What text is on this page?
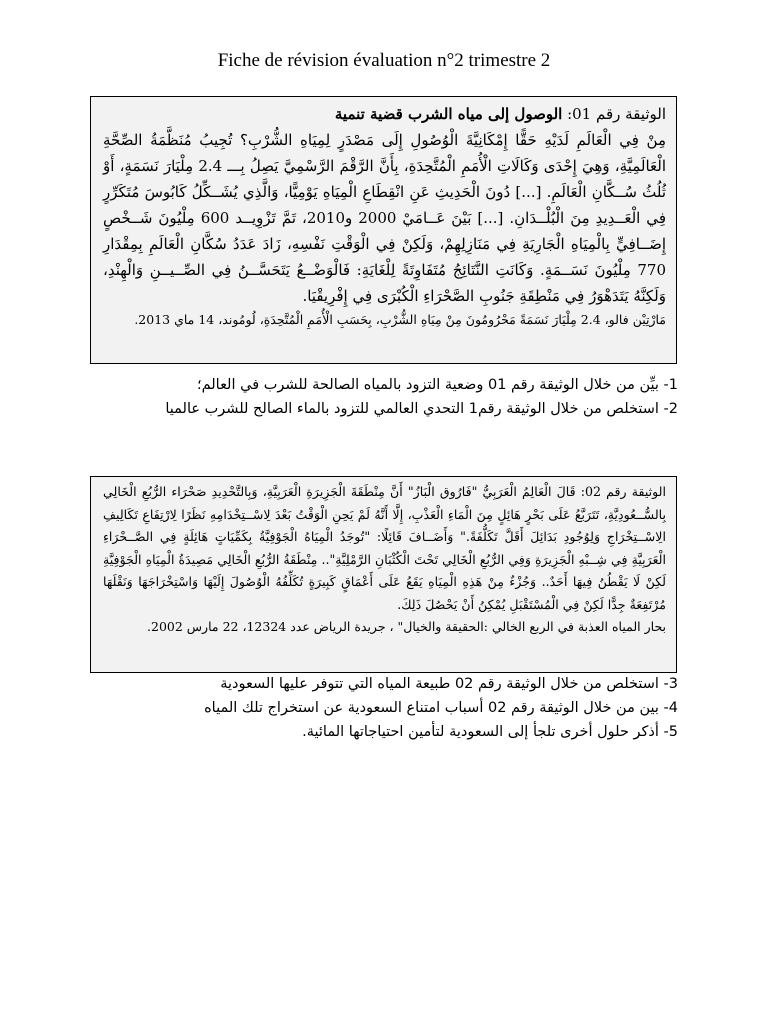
Fiche de révision évaluation n°2 trimestre 2
الوثيقة رقم 01: الوصول إلى مياه الشرب قضية تنمية
مِنْ فِي الْعَالَمِ لَدَيْهِ حَقًّا إِمْكَانِيَّةَ الْوُصُولِ إِلَى مَصْدَرٍ لِمِيَاهِ الشُّرْبِ؟ تُجِيبُ مُنَظَّمَةُ الصِّحَّةِ الْعَالَمِيَّةِ، وَهِيَ إِحْدَى وَكَالَاتِ الْأُمَمِ الْمُتَّحِدَةِ، بِأَنَّ الرَّقْمَ الرَّسْمِيَّ يَصِلُ بِـــ 2.4 مِلْيَارَ نَسَمَةٍ، أَوْ ثُلُثُ سُــكَّانِ الْعَالَمِ. [...] دُونَ الْحَدِيثِ عَنِ انْقِطَاعِ الْمِيَاهِ يَوْمِيًّا، وَالَّذِي يُشَــكِّلُ كَابُوسَ مُتَكَرِّرٍ فِي الْعَــدِيدِ مِنَ الْبُلْــدَانِ. [...] بَيْنَ عَــامَيْ 2000 و2010، تَمَّ تَزْوِيــد 600 مِلْيُونَ شَــخْصٍ إِضَــافِيٍّ بِالْمِيَاهِ الْجَارِيَةِ فِي مَنَازِلِهِمْ، وَلَكِنْ فِي الْوَقْتِ نَفْسِهِ، زَادَ عَدَدُ سُكَّانِ الْعَالَمِ بِمِقْدَارِ 770 مِلْيُونَ نَسَــمَةٍ. وَكَانَتِ النَّتَائِجُ مُتَفَاوِتَةً لِلْغَايَةِ: فَالْوَضْــعُ يَتَحَسَّــنُ فِي الصِّــيــنِ وَالْهِنْدِ، وَلَكِنَّهُ يَتَدَهْوَرُ فِي مَنْطِقَةِ جَنُوبِ الصَّحْرَاءِ الْكُبْرَى فِي إِفْرِيقْيَا.
مَارْتِيْن فالو، 2.4 مِلْيَارَ نَسَمَةً مَحْرُومُونَ مِنْ مِيَاهِ الشُّرْبِ، بِحَسَبِ الْأُمَمِ الْمُتَّحِدَةِ، لُومُوند، 14 ماي 2013.
1- بيِّن من خلال الوثيقة رقم 01 وضعية التزود بالمياه الصالحة للشرب في العالم؛
2- استخلص من خلال الوثيقة رقم1 التحدي العالمي للتزود بالماء الصالح للشرب عالميا
الوثيقة رقم 02: قَالَ الْعَالِمُ الْعَرَبِيُّ "فَارُوق الْبَازُ" أَنَّ مِنْطَقَةَ الْجَزِيرَةِ الْعَرَبِيَّةِ، وَبِالتَّحْدِيدِ صَحْرَاء الرُّبُعِ الْخَالِي بِالسُّــعُودِيَّةِ، تَتَرَبَّعُ عَلَى بَحْرٍ هَائِلٍ مِنَ الْمَاءِ الْعَذْبِ، إِلَّا أَنَّهُ لَمْ يَحِنِ الْوَقْتُ بَعْدَ لِاسْــتِخْدَامِهِ نَظَرًا لِارْتِفَاعِ تَكَالِيفِ الِاسْــتِخْرَاجِ وَلِوُجُودِ بَدَائِلَ أَقَلَّ تَكَلُّفَةً." وَأَضَــافَ قَائِلًا: "تُوجَدُ الْمِيَاهُ الْجَوْفِيَّةُ بِكَمِّيَاتٍ هَائِلَةٍ فِي الصَّــحْرَاءِ الْعَرَبِيَّةِ فِي شِــبْهِ الْجَزِيرَةِ وَفِي الرُّبُعِ الْخَالِي تَحْتَ الْكُثْبَانِ الرَّمْلِيَّةِ".. مِنْطَقَةُ الرُّبُعِ الْخَالِي مَصِيدَةُ الْمِيَاهِ الْجَوْفِيَّةِ لَكِنْ لَا يَقْطُنُ فِيهَا أَحَدٌ.. وَجُزْءٌ مِنْ هَذِهِ الْمِيَاهِ يَقَعُ عَلَى أَعْمَاقٍ كَبِيرَةٍ تُكَلِّفُهُ الْوُصُولَ إِلَيْهَا وَاسْتِخْرَاجَهَا وَنَقْلَهَا مُرْتَفِعَةٌ جِدًّا لَكِنْ فِي الْمُسْتَقْبَلِ يُمْكِنُ أَنْ يَحْصُلَ ذَلِكَ.
بحار المياه العذبة في الربع الخالي :الحقيقة والخيال" ، جريدة الرياض عدد 12324، 22 مارس 2002.
3- استخلص من خلال الوثيقة رقم 02 طبيعة المياه التي تتوفر عليها السعودية
4- بين من خلال الوثيقة رقم 02 أسباب امتناع السعودية عن استخراج تلك المياه
5- أذكر حلول أخرى تلجأ إلى السعودية لتأمين احتياجاتها المائية.
